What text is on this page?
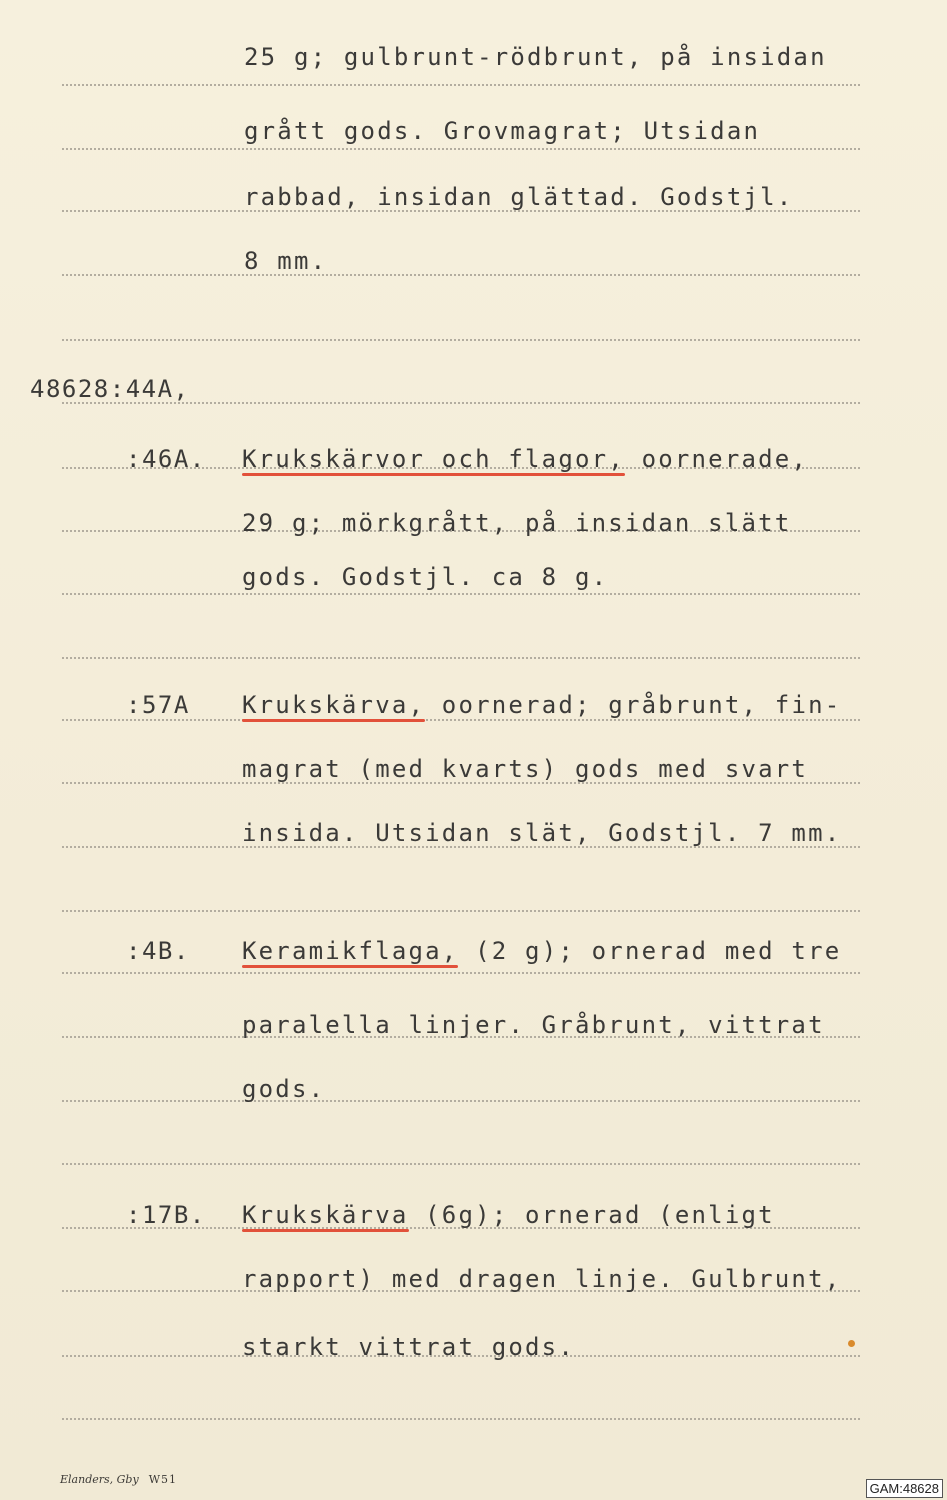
25 g; gulbrunt-rödbrunt, på insidan
grått gods. Grovmagrat; Utsidan
rabbad, insidan glättad. Godstjl.
8 mm.
48628:44A,
:46A. Krukskärvor och flagor, oornerade,
29 g; mörkgrått, på insidan slätt
gods. Godstjl. ca 8 g.
:57A Krukskärva, oornerad; gråbrunt, fin-
magrat (med kvarts) gods med svart
insida. Utsidan slät, Godstjl. 7 mm.
:4B. Keramikflaga, (2 g); ornerad med tre
paralella linjer. Gråbrunt, vittrat
gods.
:17B. Krukskärva (6g); ornerad (enligt
rapport) med dragen linje. Gulbrunt,
starkt vittrat gods.
Elanders, Gby W51
GAM:48628
